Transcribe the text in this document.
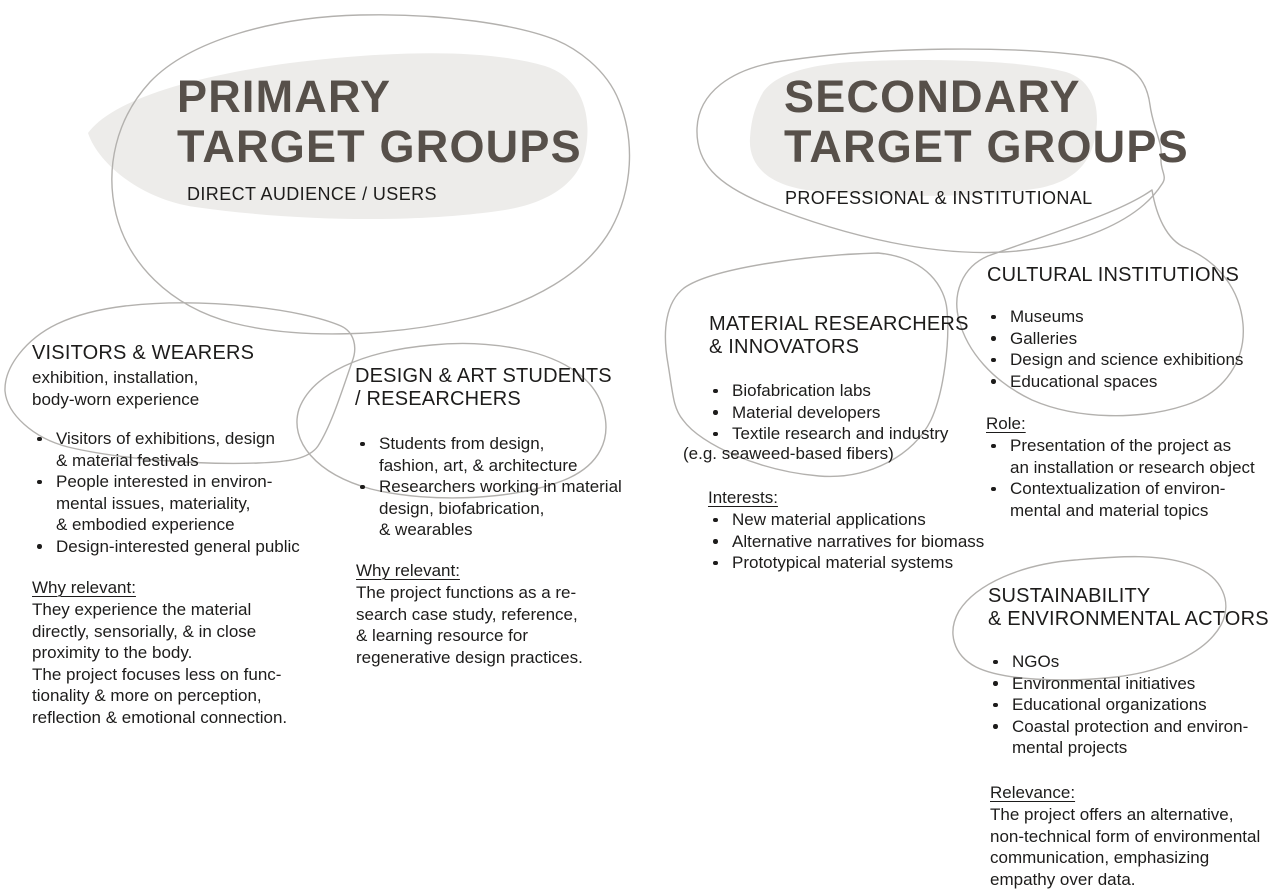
PRIMARY
TARGET GROUPS
DIRECT AUDIENCE / USERS
SECONDARY
TARGET GROUPS
PROFESSIONAL & INSTITUTIONAL
VISITORS & WEARERS
exhibition, installation,
body-worn experience
Visitors of exhibitions, design
& material festivals
People interested in environ-
mental issues, materiality,
& embodied experience
Design-interested general public
Why relevant:
They experience the material
directly, sensorially, & in close
proximity to the body.
The project focuses less on func-
tionality & more on perception,
reflection & emotional connection.
DESIGN & ART STUDENTS
/ RESEARCHERS
Students from design,
fashion, art, & architecture
Researchers working in material
design, biofabrication,
& wearables
Why relevant:
The project functions as a re-
search case study, reference,
& learning resource for
regenerative design practices.
MATERIAL RESEARCHERS
& INNOVATORS
Biofabrication labs
Material developers
Textile research and industry
(e.g. seaweed-based fibers)
Interests:
New material applications
Alternative narratives for biomass
Prototypical material systems
CULTURAL INSTITUTIONS
Museums
Galleries
Design and science exhibitions
Educational spaces
Role:
Presentation of the project as
an installation or research object
Contextualization of environ-
mental and material topics
SUSTAINABILITY
& ENVIRONMENTAL ACTORS
NGOs
Environmental initiatives
Educational organizations
Coastal protection and environ-
mental projects
Relevance:
The project offers an alternative,
non-technical form of environmental
communication, emphasizing
empathy over data.
